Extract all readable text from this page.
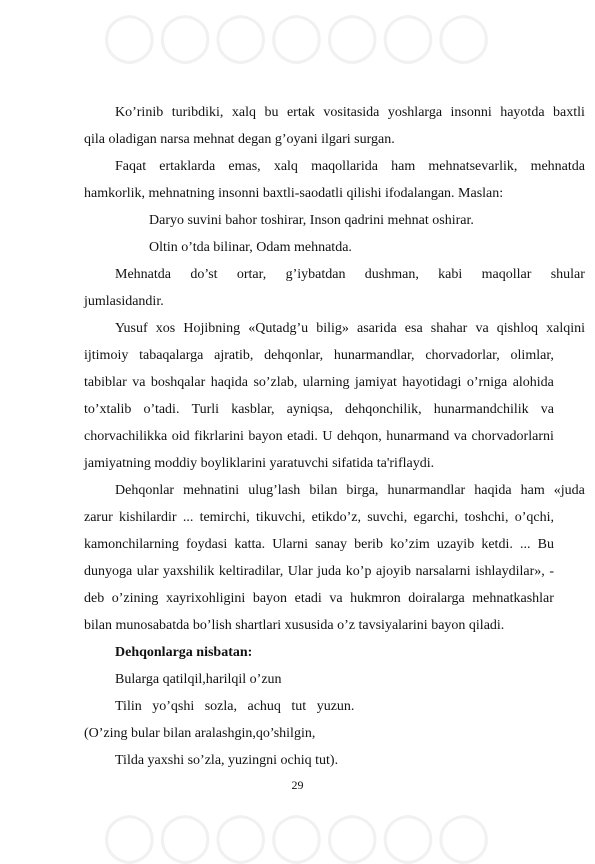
◯◯◯◯◯◯◯
◯◯◯◯◯◯◯
Ko’rinib turibdiki, xalq bu ertak vositasida yoshlarga insonni hayotda baxtli
qila oladigan narsa mehnat degan g’oyani ilgari surgan.
Faqat ertaklarda emas, xalq maqollarida ham mehnatsevarlik, mehnatda
hamkorlik, mehnatning insonni baxtli-saodatli qilishi ifodalangan. Maslan:
Daryo suvini bahor toshirar, Inson qadrini mehnat oshirar.
Oltin o’tda bilinar, Odam mehnatda.
Mehnatda do’st ortar, g’iybatdan dushman, kabi maqollar shular
jumlasidandir.
Yusuf xos Hojibning «Qutadg’u bilig» asarida esa shahar va qishloq xalqini
ijtimoiy tabaqalarga ajratib, dehqonlar, hunarmandlar, chorvadorlar, olimlar,
tabiblar va boshqalar haqida so’zlab, ularning jamiyat hayotidagi o’rniga alohida
to’xtalib o’tadi. Turli kasblar, ayniqsa, dehqonchilik, hunarmandchilik va
chorvachilikka oid fikrlarini bayon etadi. U dehqon, hunarmand va chorvadorlarni
jamiyatning moddiy boyliklarini yaratuvchi sifatida ta'riflaydi.
Dehqonlar mehnatini ulug’lash bilan birga, hunarmandlar haqida ham «juda
zarur kishilardir ... temirchi, tikuvchi, etikdo’z, suvchi, egarchi, toshchi, o’qchi,
kamonchilarning foydasi katta. Ularni sanay berib ko’zim uzayib ketdi. ... Bu
dunyoga ular yaxshilik keltiradilar, Ular juda ko’p ajoyib narsalarni ishlaydilar», -
deb o’zining xayrixohligini bayon etadi va hukmron doiralarga mehnatkashlar
bilan munosabatda bo’lish shartlari xususida o’z tavsiyalarini bayon qiladi.
Dehqonlarga nisbatan:
Bularga qatilqil,harilqil o’zun
Tilin   yo’qshi   sozla,   achuq   tut   yuzun.
(O’zing bular bilan aralashgin,qo’shilgin,
Tilda yaxshi so’zla, yuzingni ochiq tut).
29
